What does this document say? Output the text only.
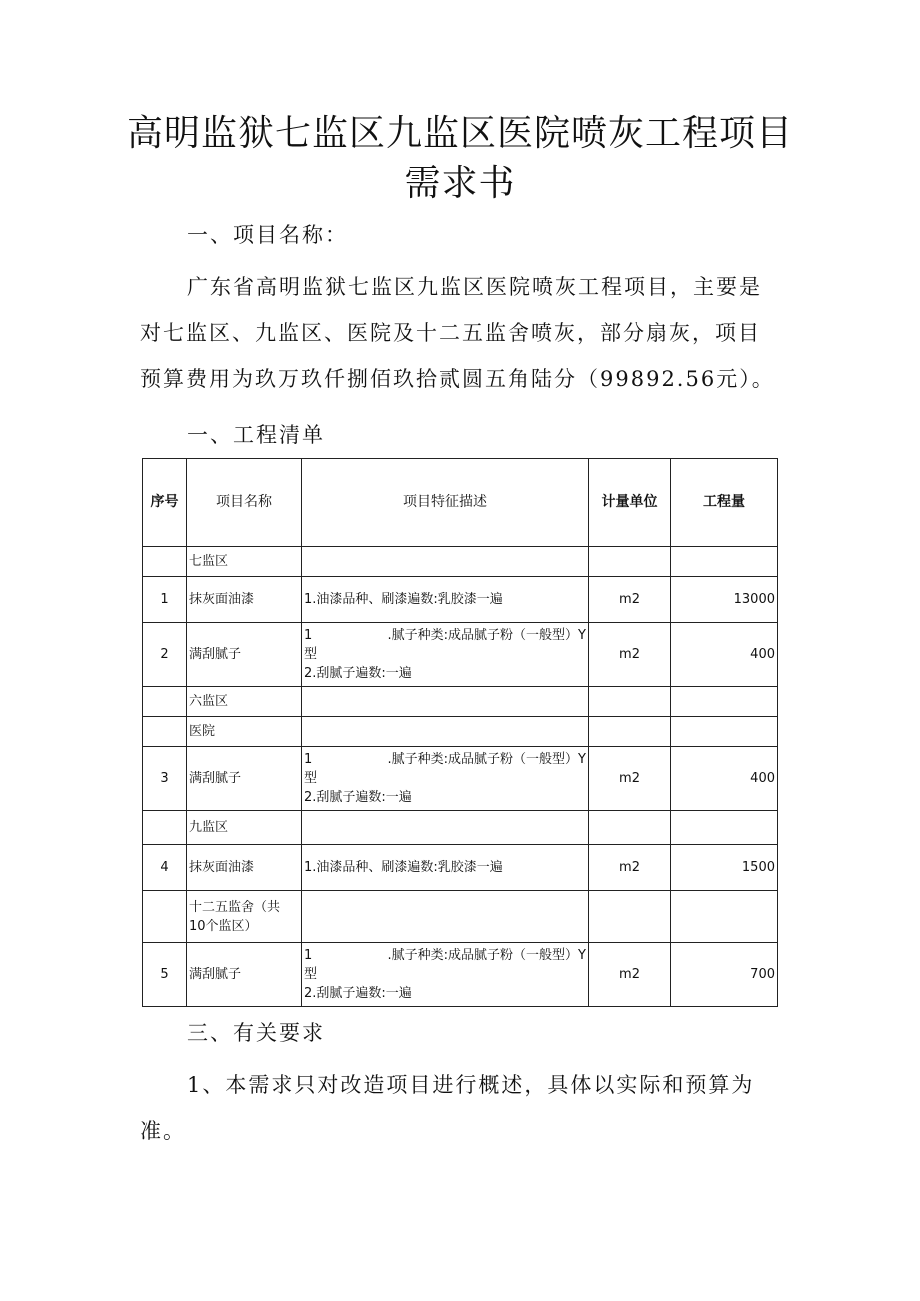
高明监狱七监区九监区医院喷灰工程项目
需求书
一、项目名称：
广东省高明监狱七监区九监区医院喷灰工程项目，主要是对七监区、九监区、医院及十二五监舍喷灰，部分扇灰，项目预算费用为玖万玖仟捌佰玖拾贰圆五角陆分（99892.56元）。
一、工程清单
序号	项目名称	项目特征描述	计量单位	工程量
	七监区			
1	抹灰面油漆	1.油漆品种、刷漆遍数:乳胶漆一遍	m2	13000
2	满刮腻子	1 .腻子种类:成品腻子粉（一般型）Y
型
2.刮腻子遍数:一遍	m2	400
	六监区			
	医院			
3	满刮腻子	1 .腻子种类:成品腻子粉（一般型）Y
型
2.刮腻子遍数:一遍	m2	400
	九监区			
4	抹灰面油漆	1.油漆品种、刷漆遍数:乳胶漆一遍	m2	1500

	十二五监舍（共
10个监区）			

5	满刮腻子	1 .腻子种类:成品腻子粉（一般型）Y
型
2.刮腻子遍数:一遍	m2	700
三、有关要求
1、本需求只对改造项目进行概述，具体以实际和预算为准。
